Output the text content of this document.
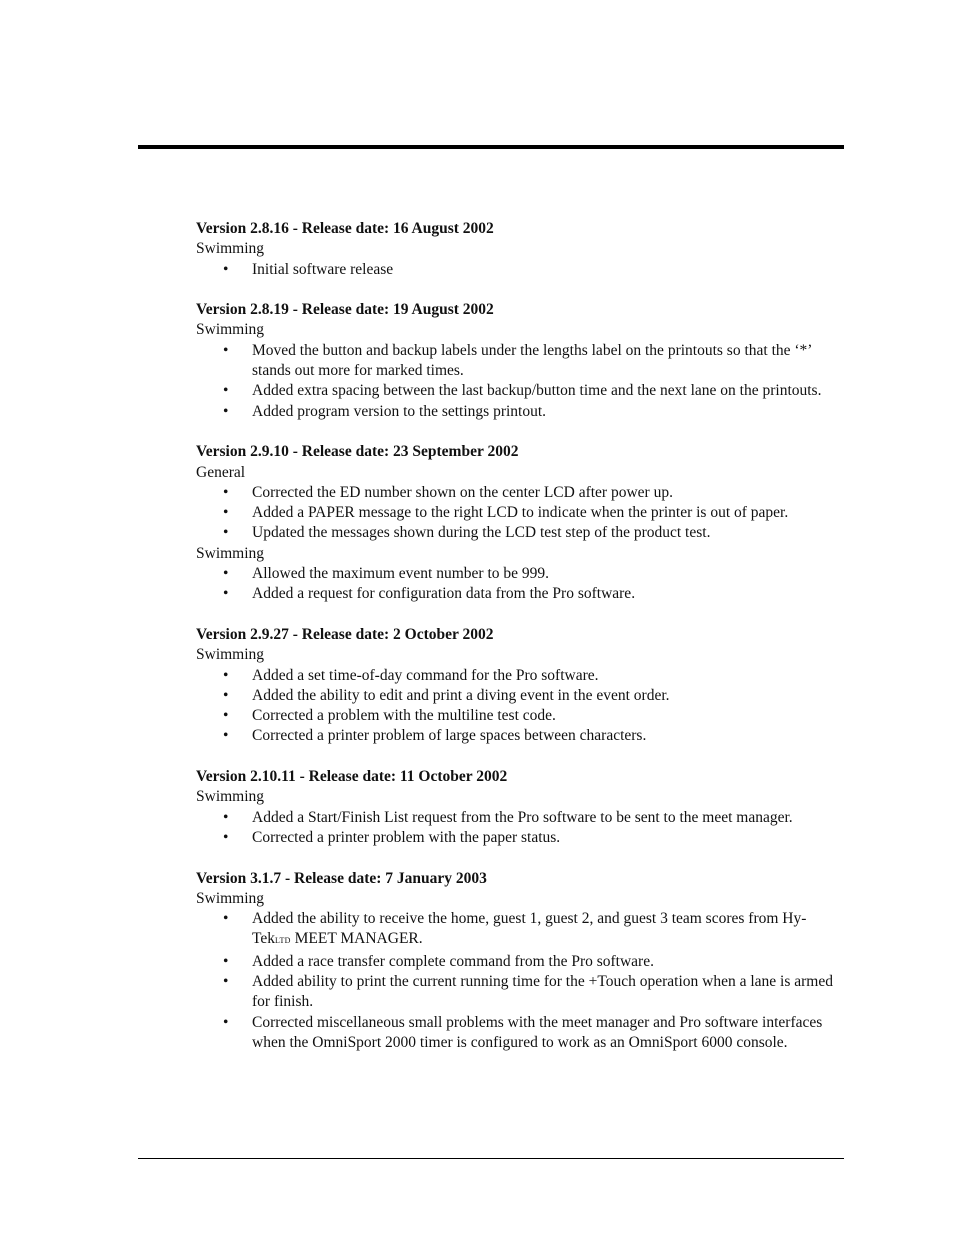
Version 2.8.16 - Release date: 16 August 2002
Swimming
• Initial software release
Version 2.8.19 - Release date: 19 August 2002
Swimming
• Moved the button and backup labels under the lengths label on the printouts so that the ‘*’ stands out more for marked times.
• Added extra spacing between the last backup/button time and the next lane on the printouts.
• Added program version to the settings printout.
Version 2.9.10 - Release date: 23 September 2002
General
• Corrected the ED number shown on the center LCD after power up.
• Added a PAPER message to the right LCD to indicate when the printer is out of paper.
• Updated the messages shown during the LCD test step of the product test.
Swimming
• Allowed the maximum event number to be 999.
• Added a request for configuration data from the Pro software.
Version 2.9.27 - Release date: 2 October 2002
Swimming
• Added a set time-of-day command for the Pro software.
• Added the ability to edit and print a diving event in the event order.
• Corrected a problem with the multiline test code.
• Corrected a printer problem of large spaces between characters.
Version 2.10.11 - Release date: 11 October 2002
Swimming
• Added a Start/Finish List request from the Pro software to be sent to the meet manager.
• Corrected a printer problem with the paper status.
Version 3.1.7 - Release date: 7 January 2003
Swimming
• Added the ability to receive the home, guest 1, guest 2, and guest 3 team scores from Hy-TekLTD MEET MANAGER.
• Added a race transfer complete command from the Pro software.
• Added ability to print the current running time for the +Touch operation when a lane is armed for finish.
• Corrected miscellaneous small problems with the meet manager and Pro software interfaces when the OmniSport 2000 timer is configured to work as an OmniSport 6000 console.
